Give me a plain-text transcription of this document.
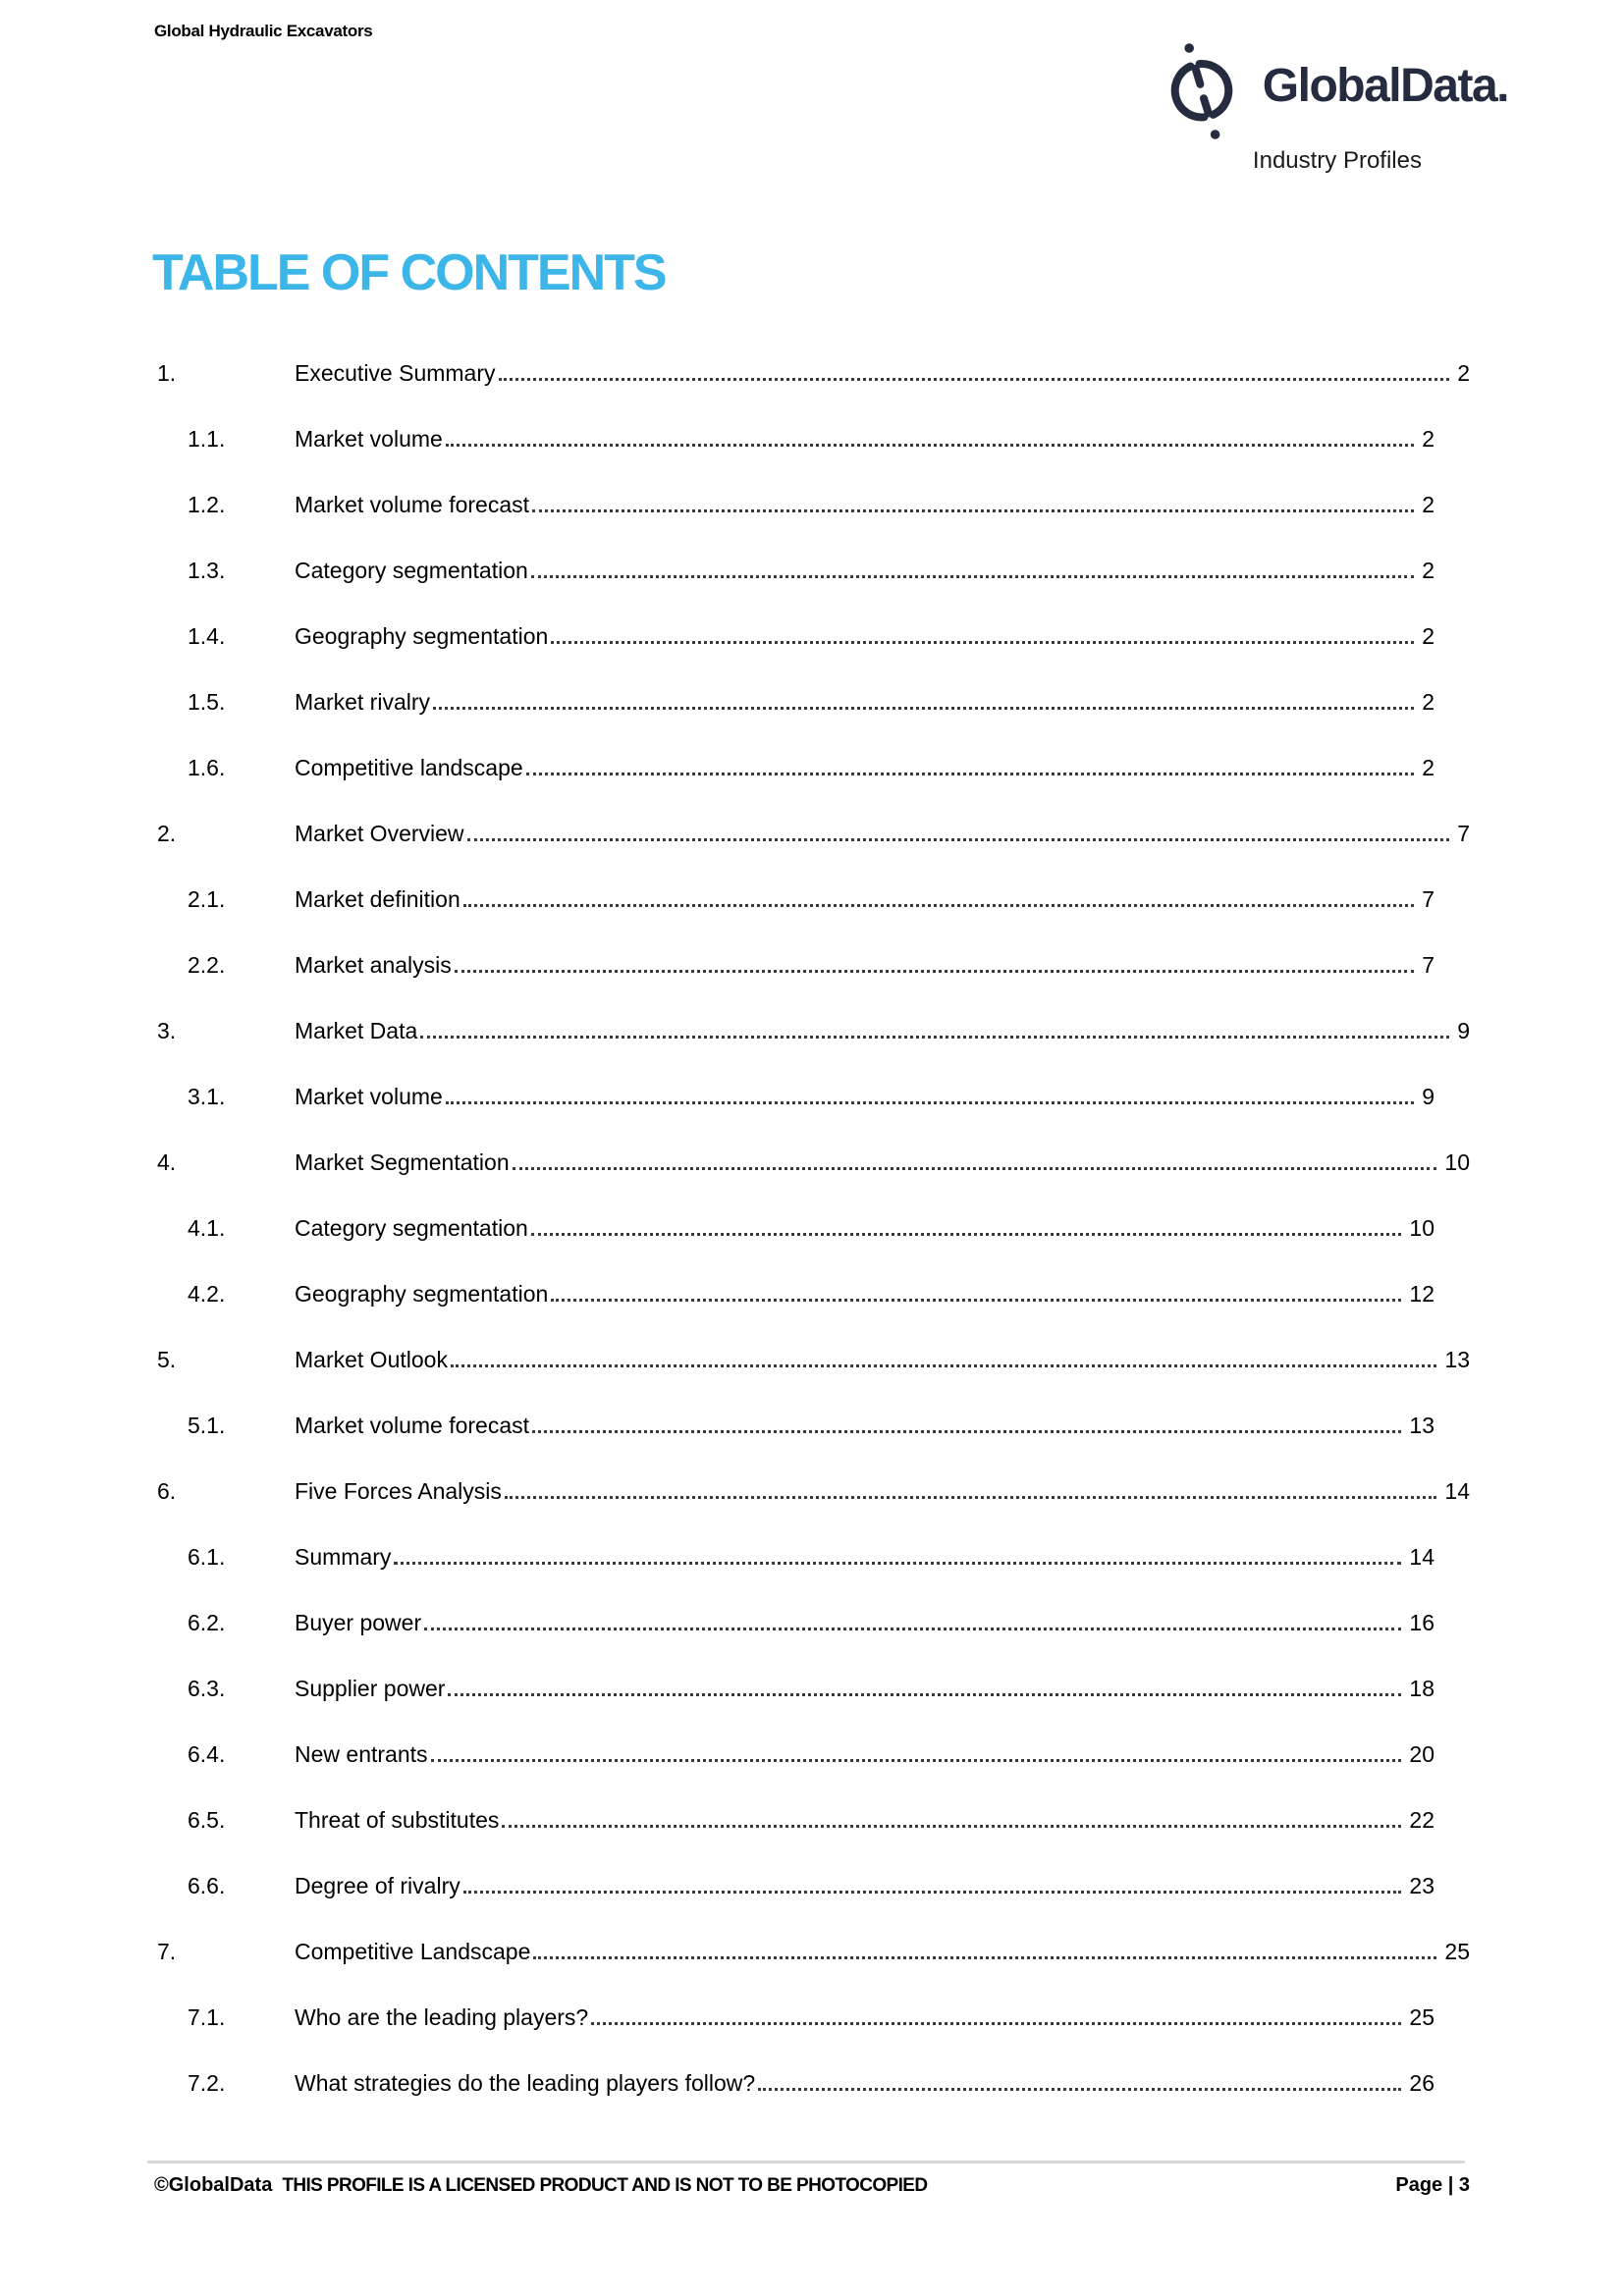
Global Hydraulic Excavators
GlobalData.
Industry Profiles
TABLE OF CONTENTS
1.	Executive Summary	2
1.1.	Market volume	2
1.2.	Market volume forecast	2
1.3.	Category segmentation	2
1.4.	Geography segmentation	2
1.5.	Market rivalry	2
1.6.	Competitive landscape	2
2.	Market Overview	7
2.1.	Market definition	7
2.2.	Market analysis	7
3.	Market Data	9
3.1.	Market volume	9
4.	Market Segmentation	10
4.1.	Category segmentation	10
4.2.	Geography segmentation	12
5.	Market Outlook	13
5.1.	Market volume forecast	13
6.	Five Forces Analysis	14
6.1.	Summary	14
6.2.	Buyer power	16
6.3.	Supplier power	18
6.4.	New entrants	20
6.5.	Threat of substitutes	22
6.6.	Degree of rivalry	23
7.	Competitive Landscape	25
7.1.	Who are the leading players?	25
7.2.	What strategies do the leading players follow?	26
©GlobalData THIS PROFILE IS A LICENSED PRODUCT AND IS NOT TO BE PHOTOCOPIED	Page | 3
